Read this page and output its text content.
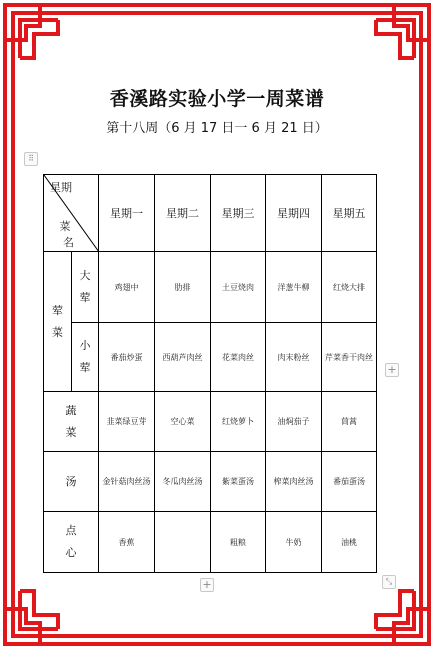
香溪路实验小学一周菜谱
第十八周（6 月 17 日一 6 月 21 日）
⠿
+
+	⤡
星期
菜
名		星期一	星期二	星期三	星期四	星期五
荤菜	大荤	鸡翅中	肋排	土豆烧肉	洋葱牛柳	红烧大排
	小荤	番茄炒蛋	西葫芦肉丝	花菜肉丝	肉末粉丝	芹菜香干肉丝
蔬菜		韭菜绿豆芽	空心菜	红烧萝卜	油焖茄子	茼蒿
汤		金针菇肉丝汤	冬瓜肉丝汤	紫菜蛋汤	榨菜肉丝汤	番茄蛋汤
点心		香蕉		粗粮	牛奶	油桃
